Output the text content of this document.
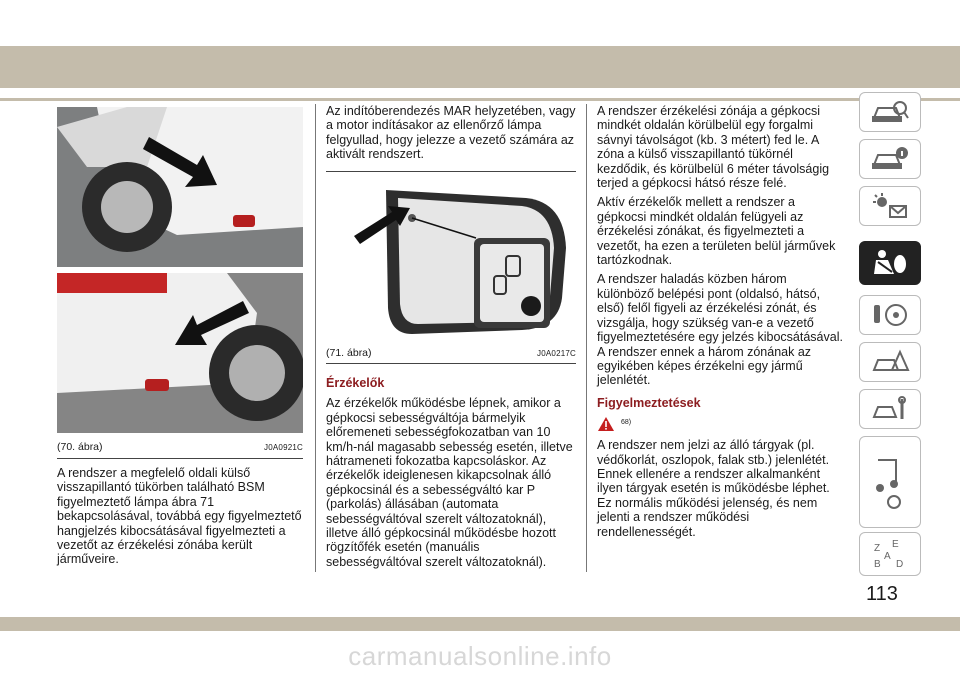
(70. ábra)	J0A0921C

A rendszer a megfelelő oldali külső visszapillantó tükörben található BSM figyelmeztető lámpa ábra 71 bekapcsolásával, továbbá egy figyelmeztető hangjelzés kibocsátásával figyelmezteti a vezetőt az érzékelési zónába került járműveire.

Az indítóberendezés MAR helyzetében, vagy a motor indításakor az ellenőrző lámpa felgyullad, hogy jelezze a vezető számára az aktivált rendszert.

(71. ábra)	J0A0217C
Érzékelők

Az érzékelők működésbe lépnek, amikor a gépkocsi sebességváltója bármelyik előremeneti sebességfokozatban van 10 km/h-nál magasabb sebesség esetén, illetve hátrameneti fokozatba kapcsoláskor. Az érzékelők ideiglenesen kikapcsolnak álló gépkocsinál és a sebességváltó kar P (parkolás) állásában (automata sebességváltóval szerelt változatoknál), illetve álló gépkocsinál működésbe hozott rögzítőfék esetén (manuális sebességváltóval szerelt változatoknál).

A rendszer érzékelési zónája a gépkocsi mindkét oldalán körülbelül egy forgalmi sávnyi távolságot (kb. 3 métert) fed le. A zóna a külső visszapillantó tükörnél kezdődik, és körülbelül 6 méter távolságig terjed a gépkocsi hátsó része felé.

Aktív érzékelők mellett a rendszer a gépkocsi mindkét oldalán felügyeli az érzékelési zónákat, és figyelmezteti a vezetőt, ha ezen a területen belül járművek tartózkodnak.

A rendszer haladás közben három különböző belépési pont (oldalsó, hátsó, első) felől figyeli az érzékelési zónát, és vizsgálja, hogy szükség van-e a vezető figyelmeztetésére egy jelzés kibocsátásával. A rendszer ennek a három zónának az egyikében képes érzékelni egy jármű jelenlétét.

Figyelmeztetések
68)

A rendszer nem jelzi az álló tárgyak (pl. védőkorlát, oszlopok, falak stb.) jelenlétét. Ennek ellenére a rendszer alkalmanként ilyen tárgyak esetén is működésbe léphet. Ez normális működési jelenség, és nem jelenti a rendszer működési rendellenességét.

Z E
A
B D
113
carmanualsonline.info
